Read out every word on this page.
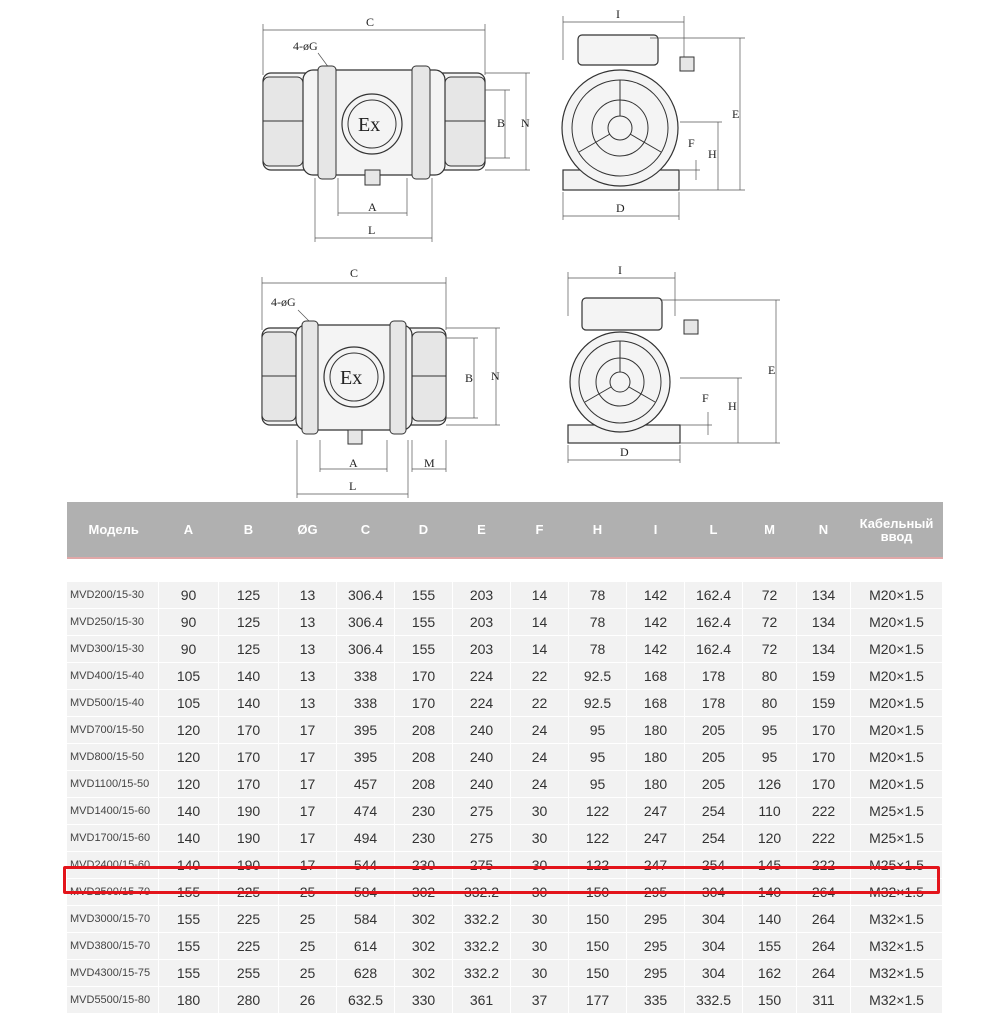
C
4-øG
Ex	B N
A
L
I
E
F
H
D
C
4-øG
Ex	B N
A
L
M
I
E
F
H
D
Модель	A	B	ØG	C	D	E	F	H	I	L	M	N	Кабельный ввод

MVD200/15-30	90	125	13	306.4	155	203	14	78	142	162.4	72	134	M20×1.5
MVD250/15-30	90	125	13	306.4	155	203	14	78	142	162.4	72	134	M20×1.5
MVD300/15-30	90	125	13	306.4	155	203	14	78	142	162.4	72	134	M20×1.5
MVD400/15-40	105	140	13	338	170	224	22	92.5	168	178	80	159	M20×1.5
MVD500/15-40	105	140	13	338	170	224	22	92.5	168	178	80	159	M20×1.5
MVD700/15-50	120	170	17	395	208	240	24	95	180	205	95	170	M20×1.5
MVD800/15-50	120	170	17	395	208	240	24	95	180	205	95	170	M20×1.5
MVD1100/15-50	120	170	17	457	208	240	24	95	180	205	126	170	M20×1.5
MVD1400/15-60	140	190	17	474	230	275	30	122	247	254	110	222	M25×1.5
MVD1700/15-60	140	190	17	494	230	275	30	122	247	254	120	222	M25×1.5
MVD2400/15-60	140	190	17	544	230	275	30	122	247	254	145	222	M25×1.5
MVD2500/15-70	155	225	25	584	302	332.2	30	150	295	304	140	264	M32×1.5
MVD3000/15-70	155	225	25	584	302	332.2	30	150	295	304	140	264	M32×1.5
MVD3800/15-70	155	225	25	614	302	332.2	30	150	295	304	155	264	M32×1.5
MVD4300/15-75	155	255	25	628	302	332.2	30	150	295	304	162	264	M32×1.5
MVD5500/15-80	180	280	26	632.5	330	361	37	177	335	332.5	150	311	M32×1.5
